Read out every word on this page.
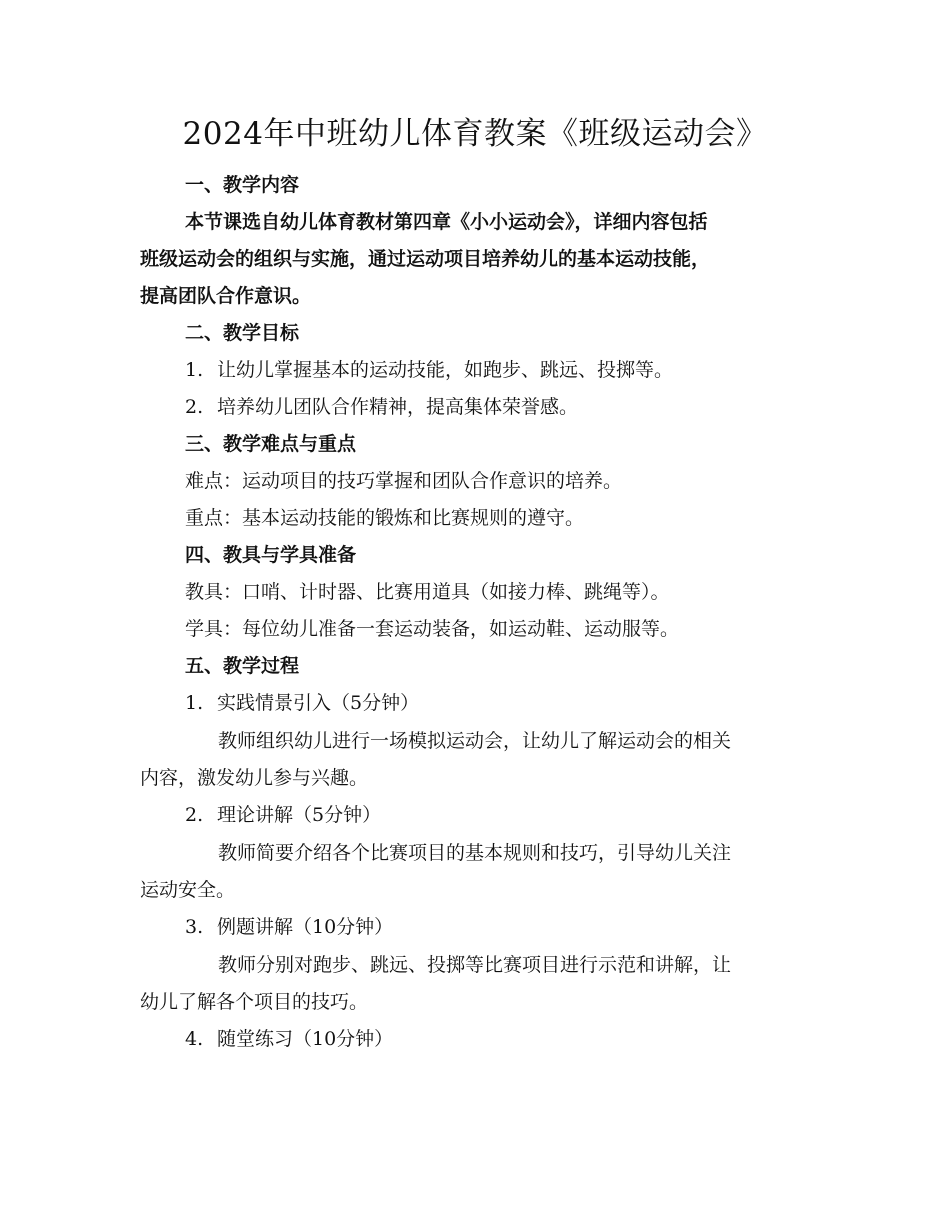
2024年中班幼儿体育教案《班级运动会》
一、教学内容
本节课选自幼儿体育教材第四章《小小运动会》，详细内容包括
班级运动会的组织与实施，通过运动项目培养幼儿的基本运动技能，
提高团队合作意识。
二、教学目标
1. 让幼儿掌握基本的运动技能，如跑步、跳远、投掷等。
2. 培养幼儿团队合作精神，提高集体荣誉感。
三、教学难点与重点
难点：运动项目的技巧掌握和团队合作意识的培养。
重点：基本运动技能的锻炼和比赛规则的遵守。
四、教具与学具准备
教具：口哨、计时器、比赛用道具（如接力棒、跳绳等）。
学具：每位幼儿准备一套运动装备，如运动鞋、运动服等。
五、教学过程
1. 实践情景引入（5分钟）
教师组织幼儿进行一场模拟运动会，让幼儿了解运动会的相关
内容，激发幼儿参与兴趣。
2. 理论讲解（5分钟）
教师简要介绍各个比赛项目的基本规则和技巧，引导幼儿关注
运动安全。
3. 例题讲解（10分钟）
教师分别对跑步、跳远、投掷等比赛项目进行示范和讲解，让
幼儿了解各个项目的技巧。
4. 随堂练习（10分钟）
